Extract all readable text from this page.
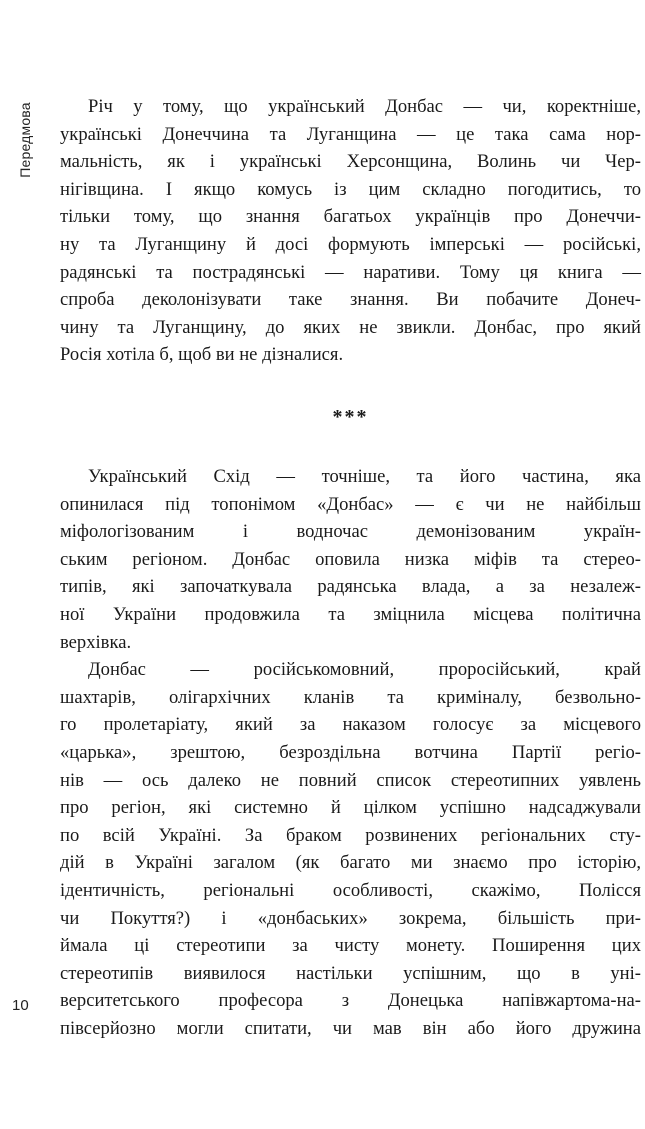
Передмова	Річ у тому, що український Донбас — чи, коректніше,
українські Донеччина та Луганщина — це така сама нор-
мальність, як і українські Херсонщина, Волинь чи Чер-
нігівщина. І якщо комусь із цим складно погодитись, то
тільки тому, що знання багатьох українців про Донеччи-
ну та Луганщину й досі формують імперські — російські,
радянські та пострадянські — наративи. Тому ця книга —
спроба деколонізувати таке знання. Ви побачите Донеч-
чину та Луганщину, до яких не звикли. Донбас, про який
Росія хотіла б, щоб ви не дізналися.
***
Український Схід — точніше, та його частина, яка
опинилася під топонімом «Донбас» — є чи не найбільш
міфологізованим і водночас демонізованим україн-
ським регіоном. Донбас оповила низка міфів та стерео-
типів, які започаткувала радянська влада, а за незалеж-
ної України продовжила та зміцнила місцева політична
верхівка.
Донбас — російськомовний, проросійський, край
шахтарів, олігархічних кланів та криміналу, безвольно-
го пролетаріату, який за наказом голосує за місцевого
«царька», зрештою, безроздільна вотчина Партії регіо-
нів — ось далеко не повний список стереотипних уявлень
про регіон, які системно й цілком успішно надсаджували
по всій Україні. За браком розвинених регіональних сту-
дій в Україні загалом (як багато ми знаємо про історію,
ідентичність, регіональні особливості, скажімо, Полісся
чи Покуття?) і «донбаських» зокрема, більшість при-
ймала ці стереотипи за чисту монету. Поширення цих
стереотипів виявилося настільки успішним, що в уні-
верситетського професора з Донецька напівжартома-на-
півсерйозно могли спитати, чи мав він або його дружина
10
